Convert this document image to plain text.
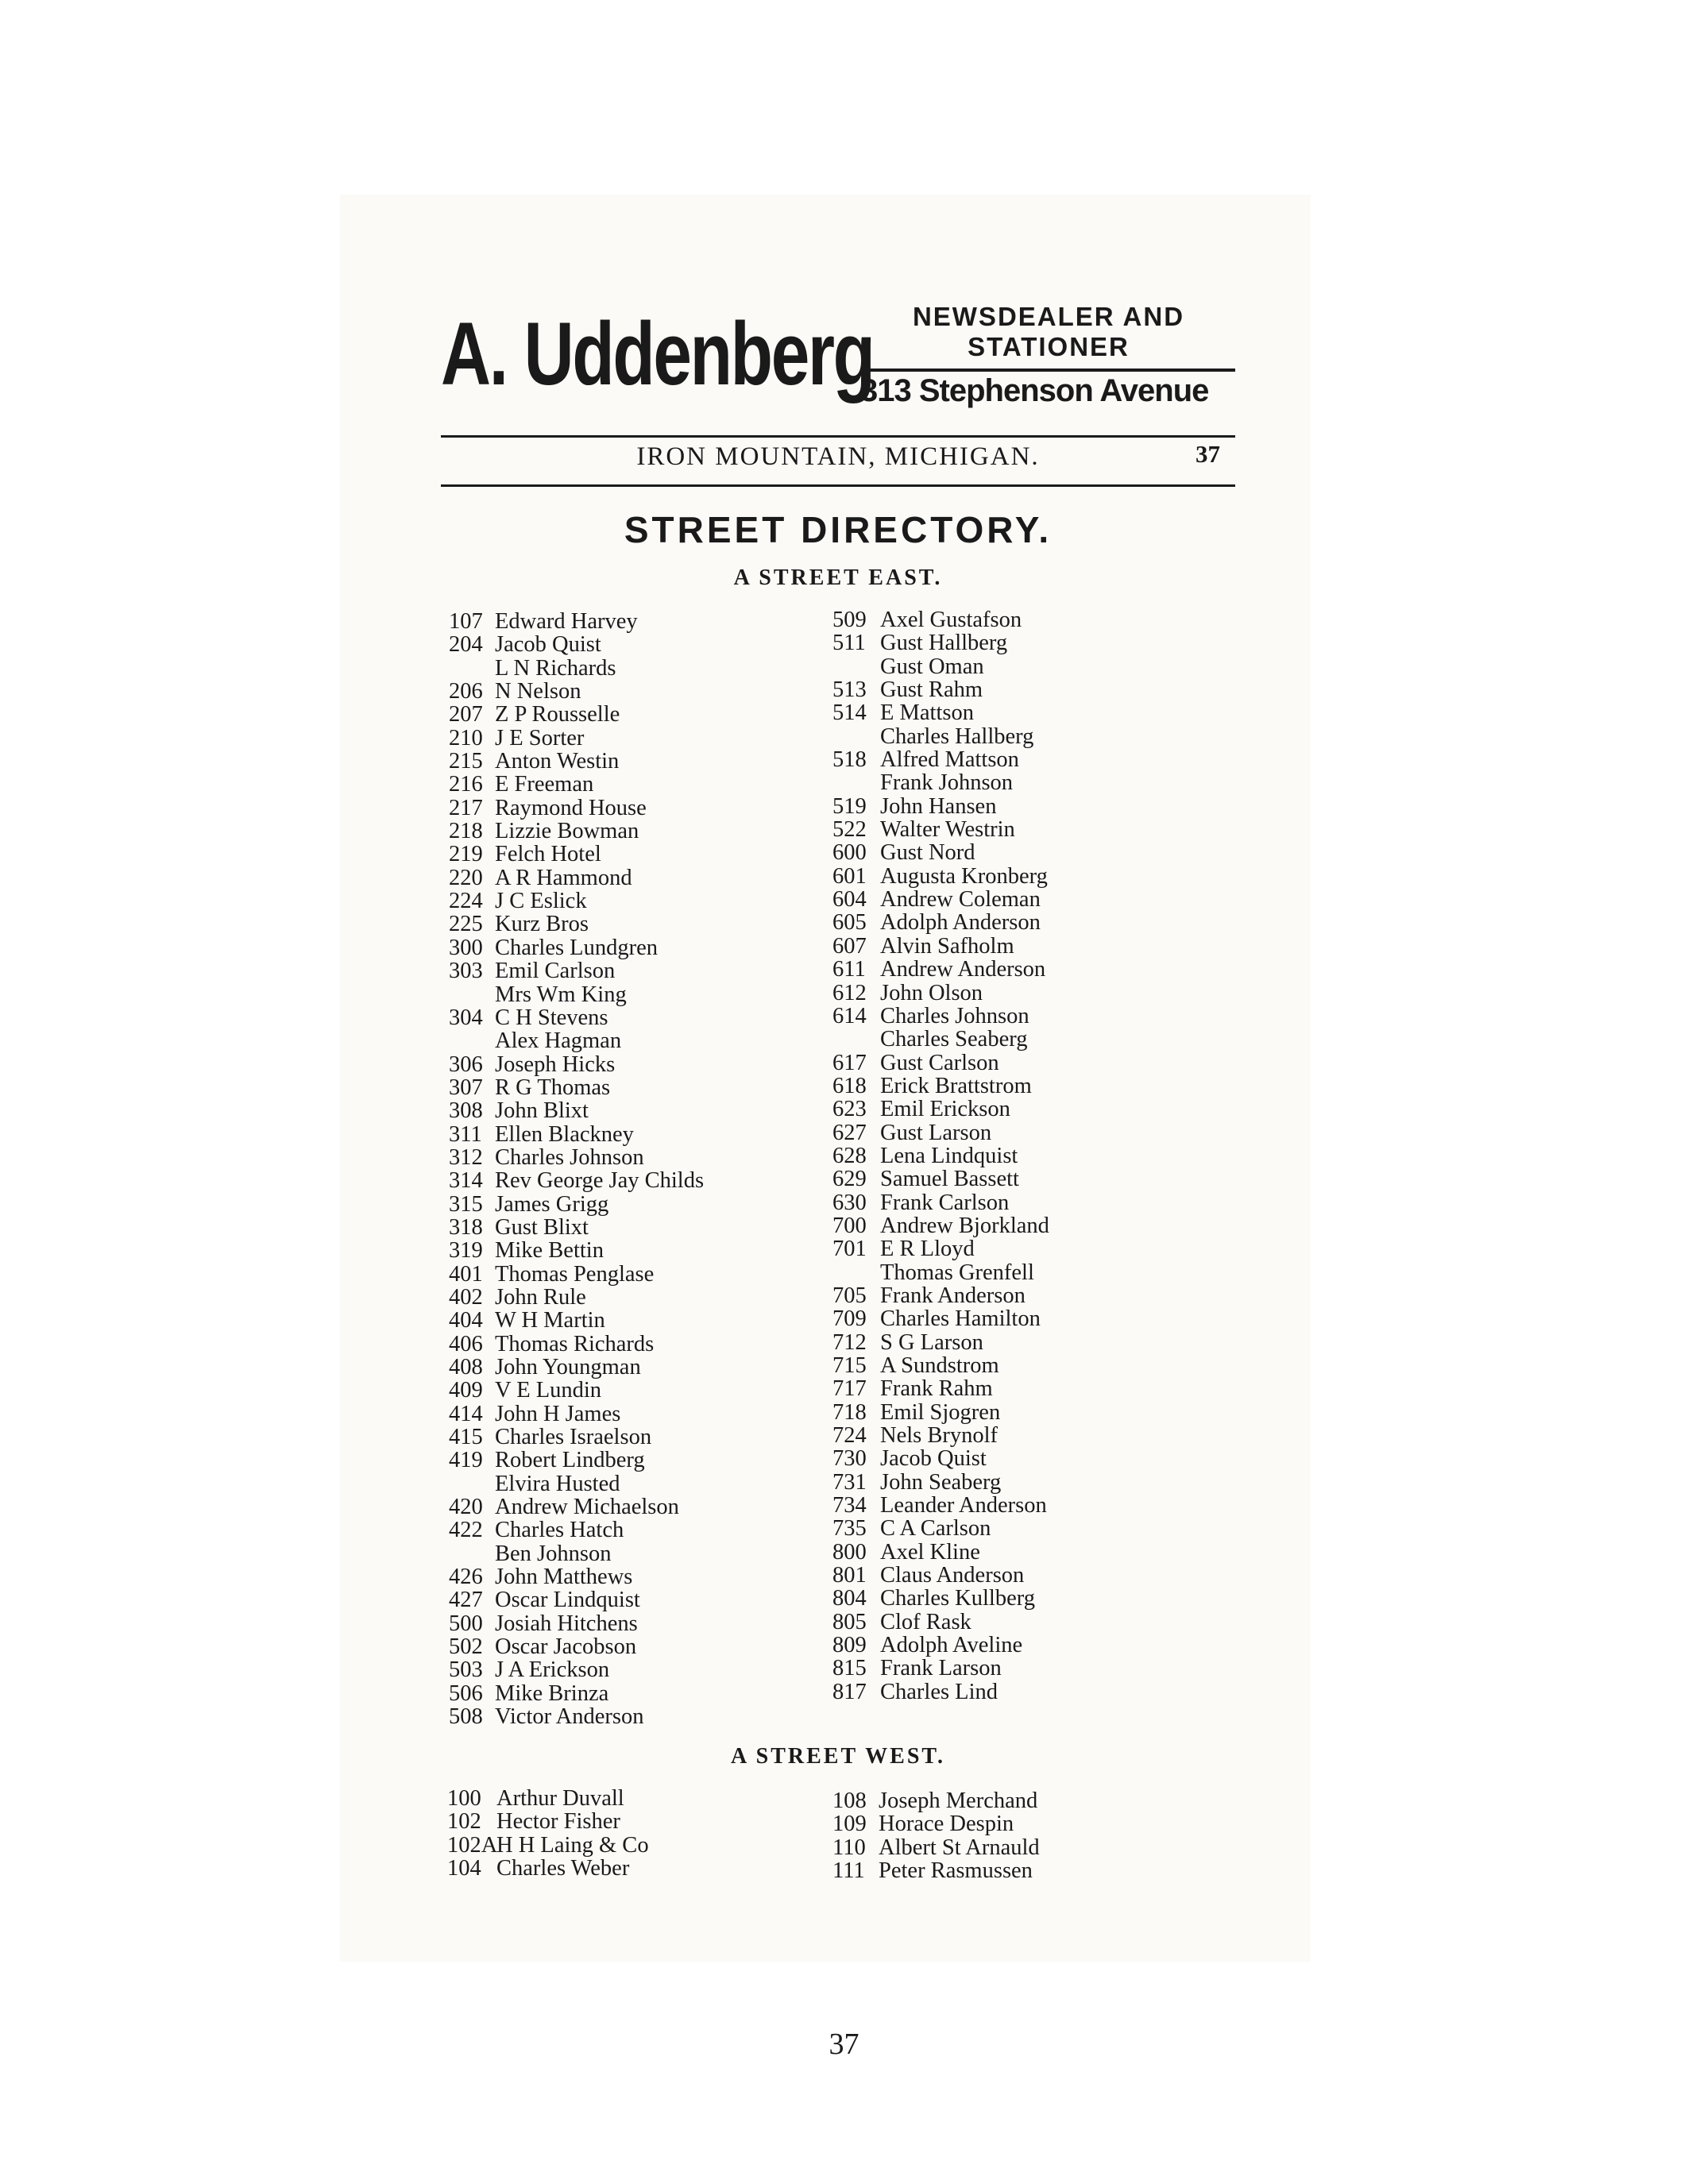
A. Uddenberg	NEWSDEALER AND
STATIONER
313 Stephenson Avenue
IRON MOUNTAIN, MICHIGAN.	37
STREET DIRECTORY.
A STREET EAST.
107 Edward Harvey
204 Jacob Quist
L N Richards
206 N Nelson
207 Z P Rousselle
210 J E Sorter
215 Anton Westin
216 E Freeman
217 Raymond House
218 Lizzie Bowman
219 Felch Hotel
220 A R Hammond
224 J C Eslick
225 Kurz Bros
300 Charles Lundgren
303 Emil Carlson
Mrs Wm King
304 C H Stevens
Alex Hagman
306 Joseph Hicks
307 R G Thomas
308 John Blixt
311 Ellen Blackney
312 Charles Johnson
314 Rev George Jay Childs
315 James Grigg
318 Gust Blixt
319 Mike Bettin
401 Thomas Penglase
402 John Rule
404 W H Martin
406 Thomas Richards
408 John Youngman
409 V E Lundin
414 John H James
415 Charles Israelson
419 Robert Lindberg
Elvira Husted
420 Andrew Michaelson
422 Charles Hatch
Ben Johnson
426 John Matthews
427 Oscar Lindquist
500 Josiah Hitchens
502 Oscar Jacobson
503 J A Erickson
506 Mike Brinza
508 Victor Anderson
509 Axel Gustafson
511 Gust Hallberg
Gust Oman
513 Gust Rahm
514 E Mattson
Charles Hallberg
518 Alfred Mattson
Frank Johnson
519 John Hansen
522 Walter Westrin
600 Gust Nord
601 Augusta Kronberg
604 Andrew Coleman
605 Adolph Anderson
607 Alvin Safholm
611 Andrew Anderson
612 John Olson
614 Charles Johnson
Charles Seaberg
617 Gust Carlson
618 Erick Brattstrom
623 Emil Erickson
627 Gust Larson
628 Lena Lindquist
629 Samuel Bassett
630 Frank Carlson
700 Andrew Bjorkland
701 E R Lloyd
Thomas Grenfell
705 Frank Anderson
709 Charles Hamilton
712 S G Larson
715 A Sundstrom
717 Frank Rahm
718 Emil Sjogren
724 Nels Brynolf
730 Jacob Quist
731 John Seaberg
734 Leander Anderson
735 C A Carlson
800 Axel Kline
801 Claus Anderson
804 Charles Kullberg
805 Clof Rask
809 Adolph Aveline
815 Frank Larson
817 Charles Lind
A STREET WEST.
100 Arthur Duvall
102 Hector Fisher
102A
H H Laing & Co
104 Charles Weber
108 Joseph Merchand
109 Horace Despin
110 Albert St Arnauld
111 Peter Rasmussen
37
